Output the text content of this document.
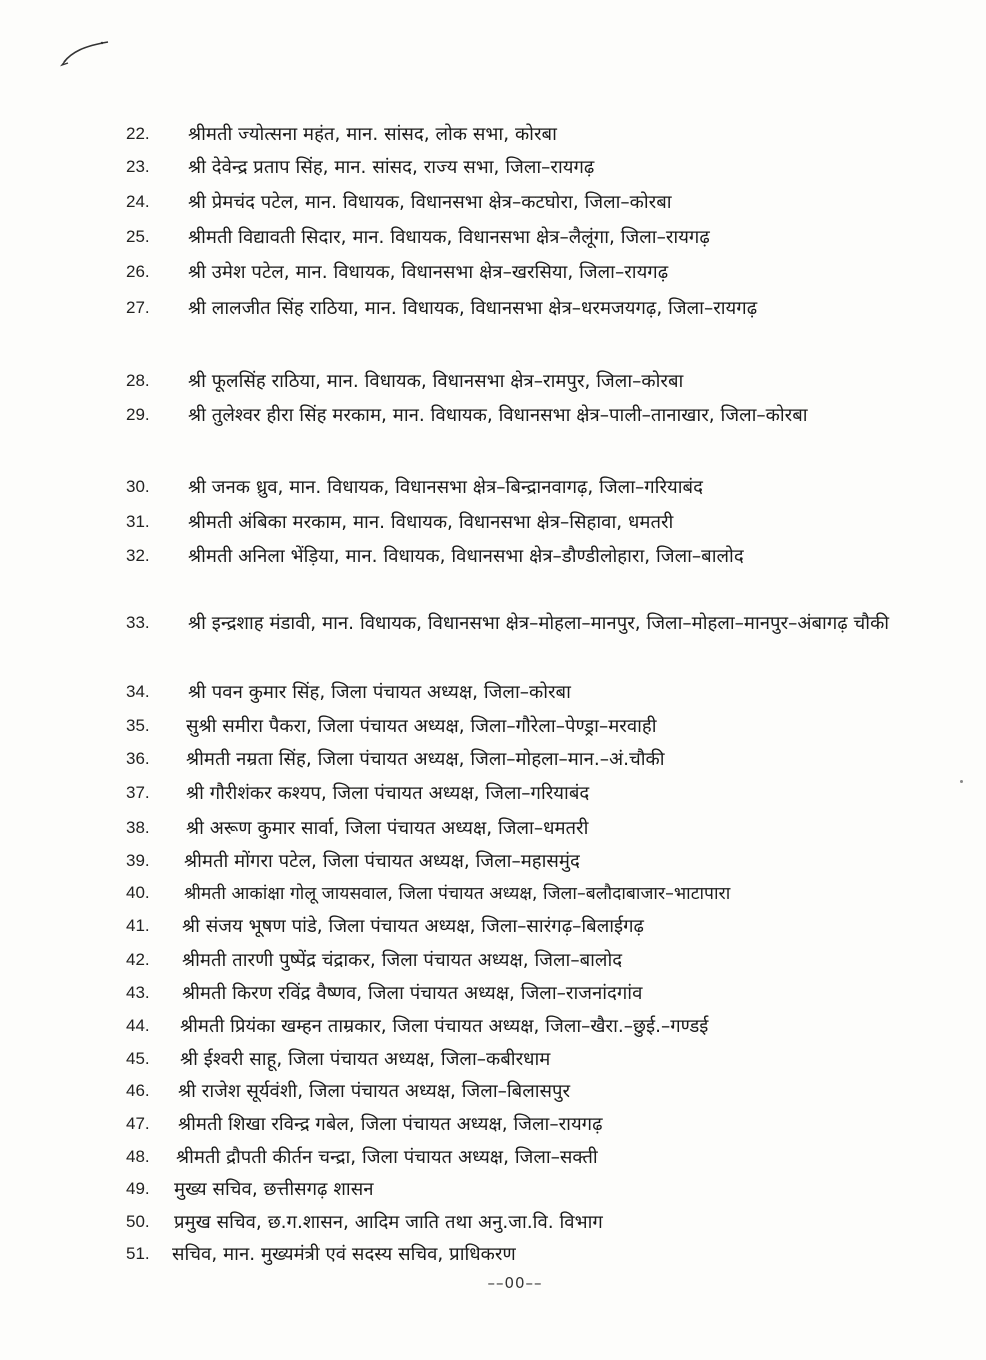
22.	श्रीमती ज्योत्सना महंत, मान. सांसद, लोक सभा, कोरबा
23.	श्री देवेन्द्र प्रताप सिंह, मान. सांसद, राज्य सभा, जिला–रायगढ़
24.	श्री प्रेमचंद पटेल, मान. विधायक, विधानसभा क्षेत्र–कटघोरा, जिला–कोरबा
25.	श्रीमती विद्यावती सिदार, मान. विधायक, विधानसभा क्षेत्र–लैलूंगा, जिला–रायगढ़
26.	श्री उमेश पटेल, मान. विधायक, विधानसभा क्षेत्र–खरसिया, जिला–रायगढ़
27.	श्री लालजीत सिंह राठिया, मान. विधायक, विधानसभा क्षेत्र–धरमजयगढ़, जिला–रायगढ़
28.	श्री फूलसिंह राठिया, मान. विधायक, विधानसभा क्षेत्र–रामपुर, जिला–कोरबा
29.	श्री तुलेश्वर हीरा सिंह मरकाम, मान. विधायक, विधानसभा क्षेत्र–पाली–तानाखार, जिला–कोरबा
30.	श्री जनक ध्रुव, मान. विधायक, विधानसभा क्षेत्र–बिन्द्रानवागढ़, जिला–गरियाबंद
31.	श्रीमती अंबिका मरकाम, मान. विधायक, विधानसभा क्षेत्र–सिहावा, धमतरी
32.	श्रीमती अनिला भेंड़िया, मान. विधायक, विधानसभा क्षेत्र–डौण्डीलोहारा, जिला–बालोद
33.	श्री इन्द्रशाह मंडावी, मान. विधायक, विधानसभा क्षेत्र–मोहला–मानपुर, जिला–मोहला–मानपुर–अंबागढ़ चौकी
34.	श्री पवन कुमार सिंह, जिला पंचायत अध्यक्ष, जिला–कोरबा
35.	सुश्री समीरा पैकरा, जिला पंचायत अध्यक्ष, जिला–गौरेला–पेण्ड्रा–मरवाही
36.	श्रीमती नम्रता सिंह, जिला पंचायत अध्यक्ष, जिला–मोहला–मान.–अं.चौकी
37.	श्री गौरीशंकर कश्यप, जिला पंचायत अध्यक्ष, जिला–गरियाबंद
38.	श्री अरूण कुमार सार्वा, जिला पंचायत अध्यक्ष, जिला–धमतरी
39.	श्रीमती मोंगरा पटेल, जिला पंचायत अध्यक्ष, जिला–महासमुंद
40.	श्रीमती आकांक्षा गोलू जायसवाल, जिला पंचायत अध्यक्ष, जिला–बलौदाबाजार–भाटापारा
41.	श्री संजय भूषण पांडे, जिला पंचायत अध्यक्ष, जिला–सारंगढ़–बिलाईगढ़
42.	श्रीमती तारणी पुष्पेंद्र चंद्राकर, जिला पंचायत अध्यक्ष, जिला–बालोद
43.	श्रीमती किरण रविंद्र वैष्णव, जिला पंचायत अध्यक्ष, जिला–राजनांदगांव
44.	श्रीमती प्रियंका खम्हन ताम्रकार, जिला पंचायत अध्यक्ष, जिला–खैरा.–छुई.–गण्डई
45.	श्री ईश्वरी साहू, जिला पंचायत अध्यक्ष, जिला–कबीरधाम
46.	श्री राजेश सूर्यवंशी, जिला पंचायत अध्यक्ष, जिला–बिलासपुर
47.	श्रीमती शिखा रविन्द्र गबेल, जिला पंचायत अध्यक्ष, जिला–रायगढ़
48.	श्रीमती द्रौपती कीर्तन चन्द्रा, जिला पंचायत अध्यक्ष, जिला–सक्ती
49.	मुख्य सचिव, छत्तीसगढ़ शासन
50.	प्रमुख सचिव, छ.ग.शासन, आदिम जाति तथा अनु.जा.वि. विभाग
51.	सचिव, मान. मुख्यमंत्री एवं सदस्य सचिव, प्राधिकरण
––00––
